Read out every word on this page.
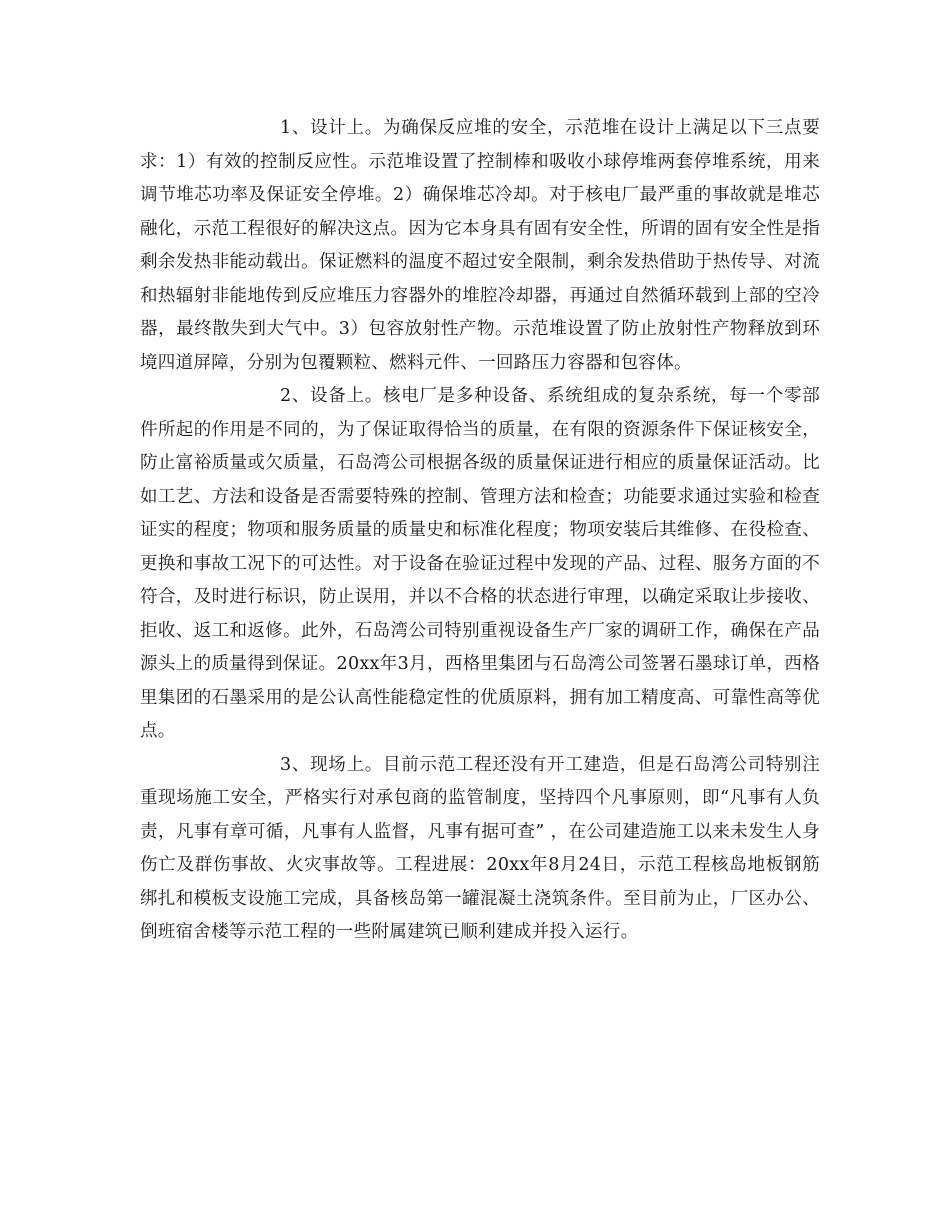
1、设计上。为确保反应堆的安全，示范堆在设计上满足以下三点要求：1）有效的控制反应性。示范堆设置了控制棒和吸收小球停堆两套停堆系统，用来调节堆芯功率及保证安全停堆。2）确保堆芯冷却。对于核电厂最严重的事故就是堆芯融化，示范工程很好的解决这点。因为它本身具有固有安全性，所谓的固有安全性是指剩余发热非能动载出。保证燃料的温度不超过安全限制，剩余发热借助于热传导、对流和热辐射非能地传到反应堆压力容器外的堆腔冷却器，再通过自然循环载到上部的空冷器，最终散失到大气中。3）包容放射性产物。示范堆设置了防止放射性产物释放到环境四道屏障，分别为包覆颗粒、燃料元件、一回路压力容器和包容体。

2、设备上。核电厂是多种设备、系统组成的复杂系统，每一个零部件所起的作用是不同的，为了保证取得恰当的质量，在有限的资源条件下保证核安全，防止富裕质量或欠质量，石岛湾公司根据各级的质量保证进行相应的质量保证活动。比如工艺、方法和设备是否需要特殊的控制、管理方法和检查；功能要求通过实验和检查证实的程度；物项和服务质量的质量史和标准化程度；物项安装后其维修、在役检查、更换和事故工况下的可达性。对于设备在验证过程中发现的产品、过程、服务方面的不符合，及时进行标识，防止误用，并以不合格的状态进行审理，以确定采取让步接收、拒收、返工和返修。此外，石岛湾公司特别重视设备生产厂家的调研工作，确保在产品源头上的质量得到保证。20xx年3月，西格里集团与石岛湾公司签署石墨球订单，西格里集团的石墨采用的是公认高性能稳定性的优质原料，拥有加工精度高、可靠性高等优点。

3、现场上。目前示范工程还没有开工建造，但是石岛湾公司特别注重现场施工安全，严格实行对承包商的监管制度，坚持四个凡事原则，即“凡事有人负责，凡事有章可循，凡事有人监督，凡事有据可查” ，在公司建造施工以来未发生人身伤亡及群伤事故、火灾事故等。工程进展：20xx年8月24日，示范工程核岛地板钢筋绑扎和模板支设施工完成，具备核岛第一罐混凝土浇筑条件。至目前为止，厂区办公、倒班宿舍楼等示范工程的一些附属建筑已顺利建成并投入运行。
